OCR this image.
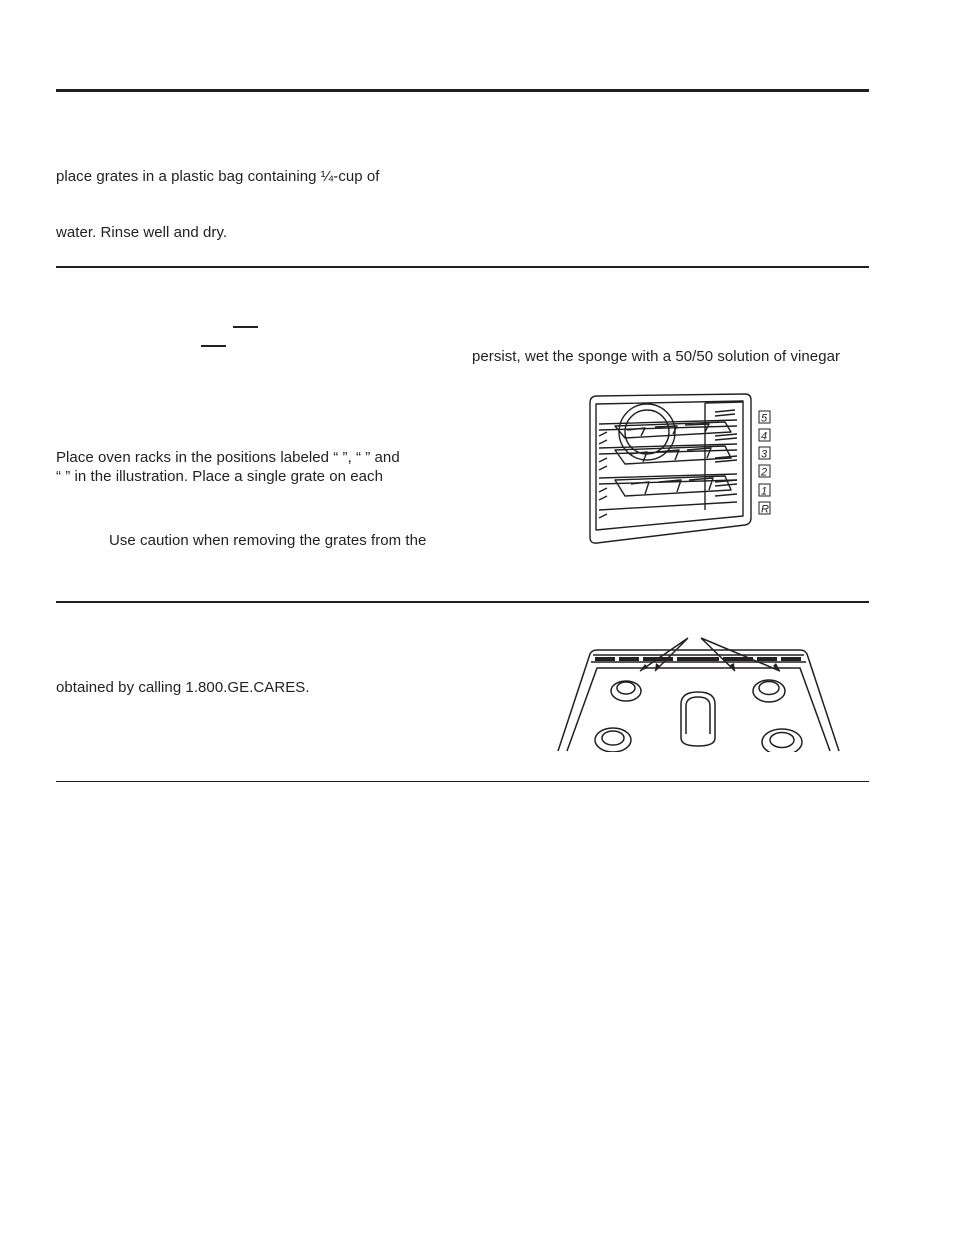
place grates in a plastic bag containing ¼-cup of
water. Rinse well and dry.
persist, wet the sponge with a 50/50 solution of vinegar
Place oven racks in the positions labeled “ ”, “ ” and
“ ” in the illustration. Place a single grate on each
Use caution when removing the grates from the
5
4
3
2
1
R
obtained by calling 1.800.GE.CARES.
